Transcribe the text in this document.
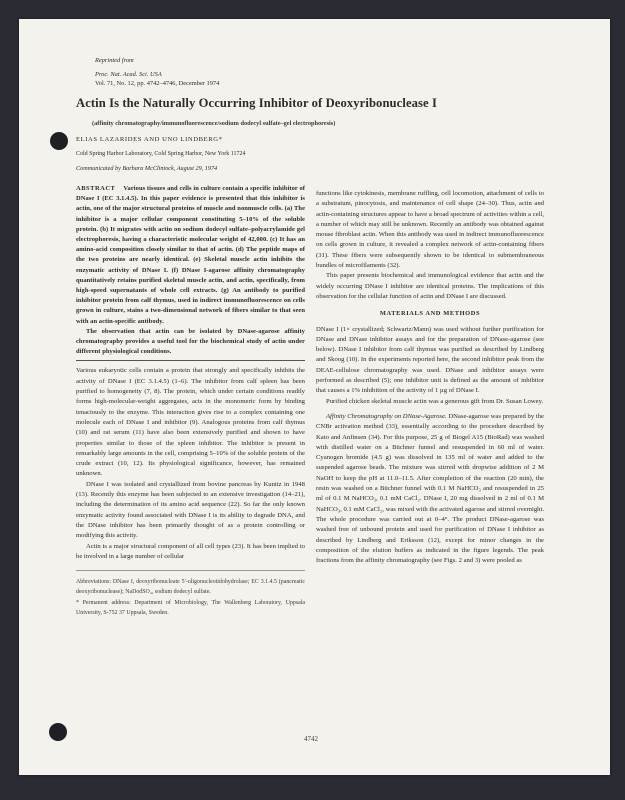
Reprinted from
Proc. Nat. Acad. Sci. USA
Vol. 71, No. 12, pp. 4742–4746, December 1974
Actin Is the Naturally Occurring Inhibitor of Deoxyribonuclease I
(affinity chromatography/immunofluorescence/sodium dodecyl sulfate–gel electrophoresis)
ELIAS LAZARIDES AND UNO LINDBERG*
Cold Spring Harbor Laboratory, Cold Spring Harbor, New York 11724
Communicated by Barbara McClintock, August 29, 1974

ABSTRACT Various tissues and cells in culture contain a specific inhibitor of DNase I (EC 3.1.4.5). In this paper evidence is presented that this inhibitor is actin, one of the major structural proteins of muscle and nonmuscle cells. (a) The inhibitor is a major cellular component constituting 5–10% of the soluble protein. (b) It migrates with actin on sodium dodecyl sulfate–polyacrylamide gel electrophoresis, having a characteristic molecular weight of 42,000. (c) It has an amino-acid composition closely similar to that of actin. (d) The peptide maps of the two proteins are nearly identical. (e) Skeletal muscle actin inhibits the enzymatic activity of DNase I. (f) DNase I-agarose affinity chromatography quantitatively retains purified skeletal muscle actin, and actin, specifically, from high-speed supernatants of whole cell extracts. (g) An antibody to purified inhibitor protein from calf thymus, used in indirect immunofluorescence on cells grown in culture, stains a two-dimensional network of fibers similar to that seen with an actin-specific antibody.

The observation that actin can be isolated by DNase-agarose affinity chromatography provides a useful tool for the biochemical study of actin under different physiological conditions.

Various eukaryotic cells contain a protein that strongly and specifically inhibits the activity of DNase I (EC 3.1.4.5) (1–6). The inhibitor from calf spleen has been purified to homogeneity (7, 8). The protein, which under certain conditions readily forms high-molecular-weight aggregates, acts in the monomeric form by binding tenaciously to the enzyme. This interaction gives rise to a complex containing one molecule each of DNase I and inhibitor (9). Analogous proteins from calf thymus (10) and rat serum (11) have also been extensively purified and shown to have properties similar to those of the spleen inhibitor. The inhibitor is present in remarkably large amounts in the cell, comprising 5–10% of the soluble protein of the crude extract (10, 12). Its physiological significance, however, has remained unknown.

DNase I was isolated and crystallized from bovine pancreas by Kunitz in 1948 (13). Recently this enzyme has been subjected to an extensive investigation (14–21), including the determination of its amino acid sequence (22). So far the only known enzymatic activity found associated with DNase I is its ability to degrade DNA, and the DNase inhibitor has been primarily thought of as a protein controlling or modifying this activity.

Actin is a major structural component of all cell types (23). It has been implied to be involved in a large number of cellular

Abbreviations: DNase I, deoxyribonucleate 5′-oligonucleotidohydrolase; EC 3.1.4.5 (pancreatic deoxyribonuclease); NaDodSO₄, sodium dodecyl sulfate.

* Permanent address: Department of Microbiology, The Wallenberg Laboratory, Uppsala University, S-752 37 Uppsala, Sweden.

functions like cytokinesis, membrane ruffling, cell locomotion, attachment of cells to a substratum, pinocytosis, and maintenance of cell shape (24–30). Thus, actin and actin-containing structures appear to have a broad spectrum of activities within a cell, a number of which may still be unknown. Recently an antibody was obtained against mouse fibroblast actin. When this antibody was used in indirect immunofluorescence on cells grown in culture, it revealed a complex network of actin-containing fibers (31). These fibers were subsequently shown to be identical to submembraneous bundles of microfilaments (32).

This paper presents biochemical and immunological evidence that actin and the widely occurring DNase I inhibitor are identical proteins. The implications of this observation for the cellular function of actin and DNase I are discussed.

MATERIALS AND METHODS

DNase I (1× crystallized; Schwartz/Mann) was used without further purification for DNase and DNase inhibitor assays and for the preparation of DNase-agarose (see below). DNase I inhibitor from calf thymus was purified as described by Lindberg and Skoog (10). In the experiments reported here, the second inhibitor peak from the DEAE-cellulose chromatography was used. DNase and inhibitor assays were performed as described (5); one inhibitor unit is defined as the amount of inhibitor that causes a 1% inhibition of the activity of 1 µg of DNase I.

Purified chicken skeletal muscle actin was a generous gift from Dr. Susan Lowey.

Affinity Chromatography on DNase-Agarose. DNase-agarose was prepared by the CNBr activation method (33), essentially according to the procedure described by Kato and Anfinsen (34). For this purpose, 25 g of Biogel A15 (BioRad) was washed with distilled water on a Büchner funnel and resuspended in 60 ml of water. Cyanogen bromide (4.5 g) was dissolved in 135 ml of water and added to the suspended agarose beads. The mixture was stirred with dropwise addition of 2 M NaOH to keep the pH at 11.0–11.5. After completion of the reaction (20 min), the resin was washed on a Büchner funnel with 0.1 M NaHCO₃ and resuspended in 25 ml of 0.1 M NaHCO₃, 0.1 mM CaCl₂. DNase I, 20 mg dissolved in 2 ml of 0.1 M NaHCO₃, 0.1 mM CaCl₂, was mixed with the activated agarose and stirred overnight. The whole procedure was carried out at 0–4°. The product DNase-agarose was washed free of unbound protein and used for purification of DNase I inhibitor as described by Lindberg and Eriksson (12), except for minor changes in the composition of the elution buffers as indicated in the figure legends. The peak fractions from the affinity chromatography (see Figs. 2 and 3) were pooled as

4742
